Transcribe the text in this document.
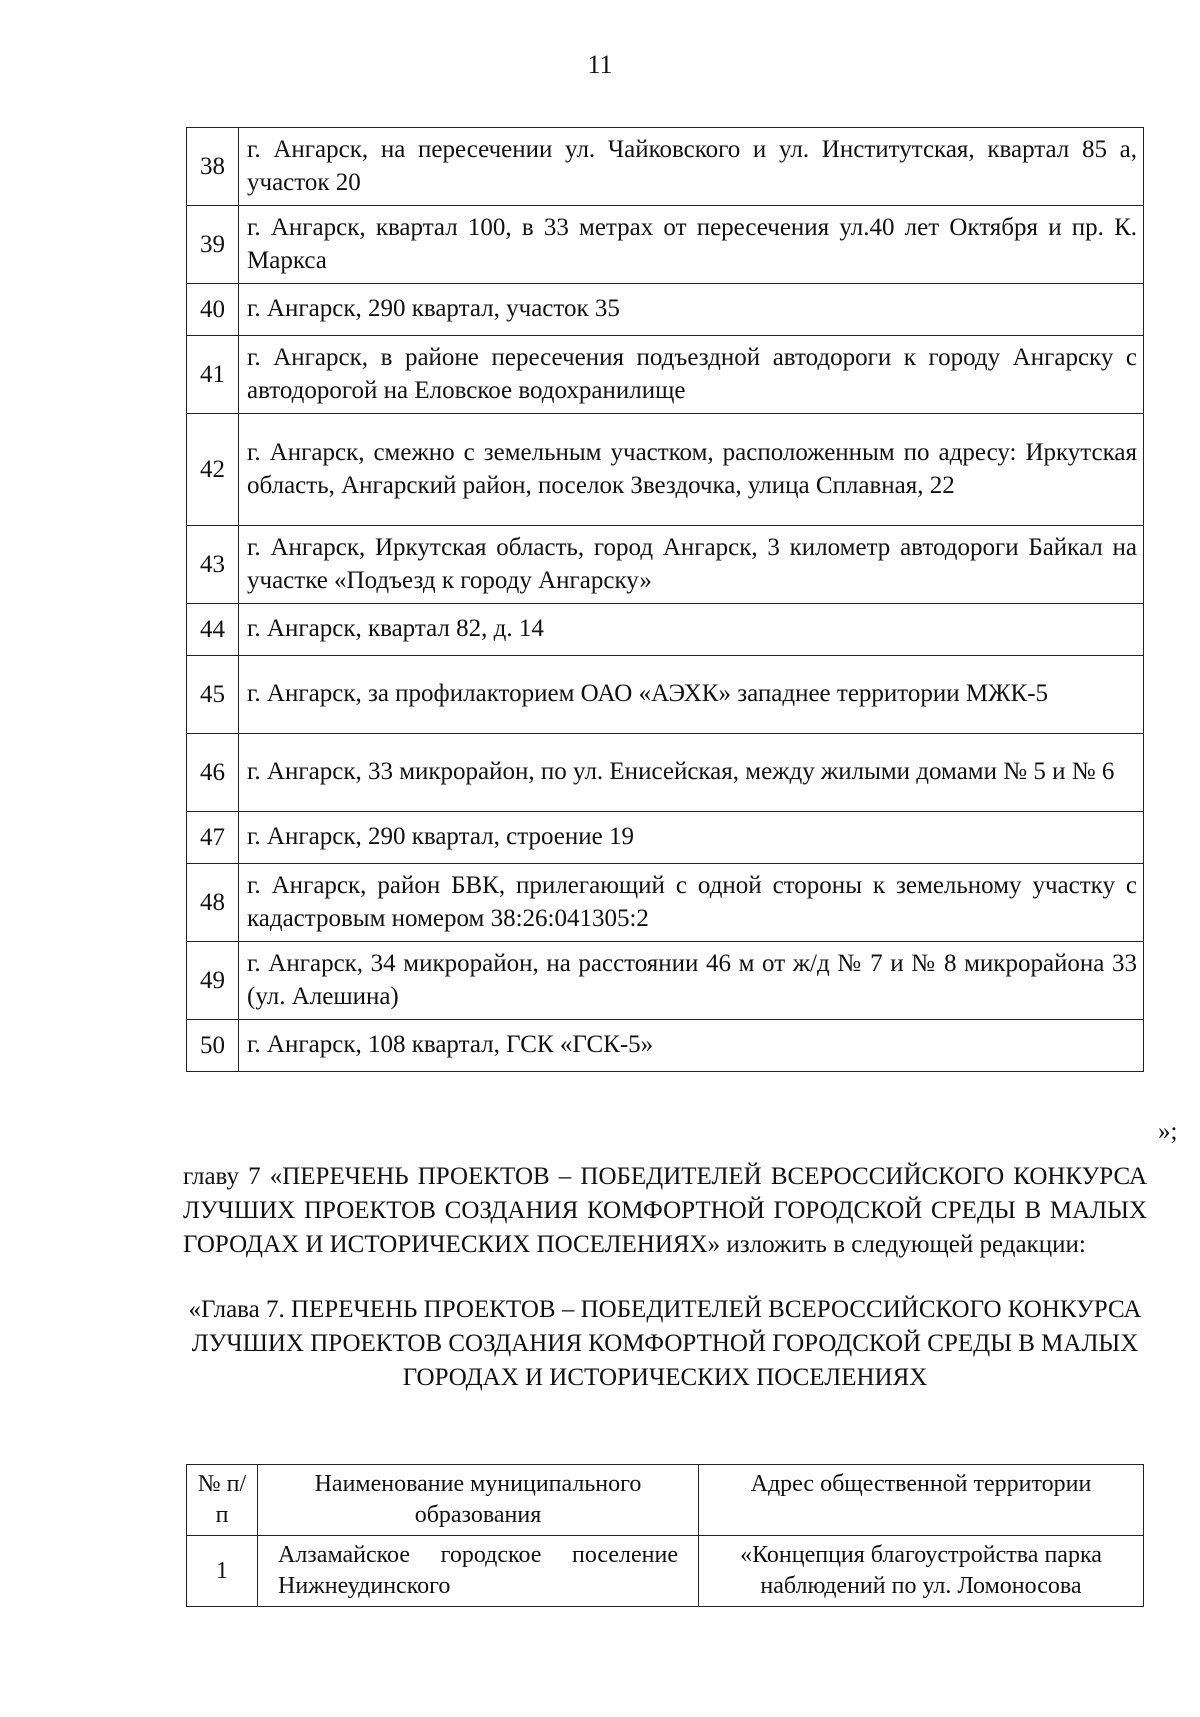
11
38	г. Ангарск, на пересечении ул. Чайковского и ул. Институтская, квартал 85 а, участок 20
39	г. Ангарск, квартал 100, в 33 метрах от пересечения ул.40 лет Октября и пр. К. Маркса
40	г. Ангарск, 290 квартал, участок 35
41	г. Ангарск, в районе пересечения подъездной автодороги к городу Ангарску с автодорогой на Еловское водохранилище
42	г. Ангарск, смежно с земельным участком, расположенным по адресу: Иркутская область, Ангарский район, поселок Звездочка, улица Сплавная, 22
43	г. Ангарск, Иркутская область, город Ангарск, 3 километр автодороги Байкал на участке «Подъезд к городу Ангарску»
44	г. Ангарск, квартал 82, д. 14
45	г. Ангарск, за профилакторием ОАО «АЭХК» западнее территории МЖК-5
46	г. Ангарск, 33 микрорайон, по ул. Енисейская, между жилыми домами № 5 и № 6
47	г. Ангарск, 290 квартал, строение 19
48	г. Ангарск, район БВК, прилегающий с одной стороны к земельному участку с кадастровым номером 38:26:041305:2
49	г. Ангарск, 34 микрорайон, на расстоянии 46 м от ж/д № 7 и № 8 микрорайона 33 (ул. Алешина)
50	г. Ангарск, 108 квартал, ГСК «ГСК-5»
»;
главу 7 «ПЕРЕЧЕНЬ ПРОЕКТОВ – ПОБЕДИТЕЛЕЙ ВСЕРОССИЙСКОГО КОНКУРСА ЛУЧШИХ ПРОЕКТОВ СОЗДАНИЯ КОМФОРТНОЙ ГОРОДСКОЙ СРЕДЫ В МАЛЫХ ГОРОДАХ И ИСТОРИЧЕСКИХ ПОСЕЛЕНИЯХ» изложить в следующей редакции:
«Глава 7. ПЕРЕЧЕНЬ ПРОЕКТОВ – ПОБЕДИТЕЛЕЙ ВСЕРОССИЙСКОГО КОНКУРСА ЛУЧШИХ ПРОЕКТОВ СОЗДАНИЯ КОМФОРТНОЙ ГОРОДСКОЙ СРЕДЫ В МАЛЫХ ГОРОДАХ И ИСТОРИЧЕСКИХ ПОСЕЛЕНИЯХ
№ п/п	Наименование муниципального образования	Адрес общественной территории
1	Алзамайское городское поселение Нижнеудинского	«Концепция благоустройства парка наблюдений по ул. Ломоносова
